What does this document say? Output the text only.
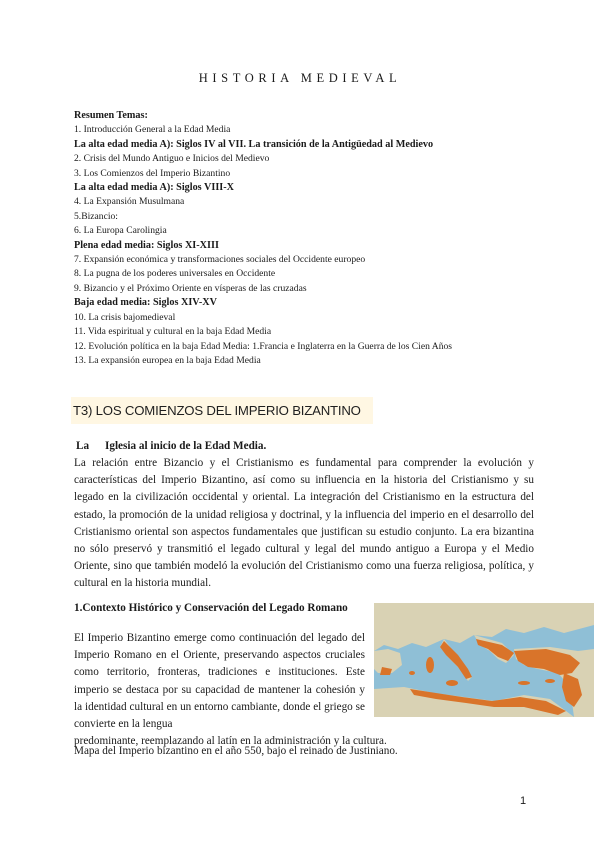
HISTORIA MEDIEVAL
Resumen Temas:
1. Introducción General a la Edad Media
La alta edad media A): Siglos IV al VII. La transición de la Antigüedad al Medievo
2. Crisis del Mundo Antiguo e Inicios del Medievo
3. Los Comienzos del Imperio Bizantino
La alta edad media A): Siglos VIII-X
4. La Expansión Musulmana
5.Bizancio:
6. La Europa Carolingia
Plena edad media: Siglos XI-XIII
7. Expansión económica y transformaciones sociales del Occidente europeo
8. La pugna de los poderes universales en Occidente
9. Bizancio y el Próximo Oriente en vísperas de las cruzadas
Baja edad media: Siglos XIV-XV
10. La crisis bajomedieval
11. Vida espiritual y cultural en la baja Edad Media
12. Evolución política en la baja Edad Media: 1.Francia e Inglaterra en la Guerra de los Cien Años
13. La expansión europea en la baja Edad Media
T3) LOS COMIENZOS DEL IMPERIO BIZANTINO
La Iglesia al inicio de la Edad Media.
La relación entre Bizancio y el Cristianismo es fundamental para comprender la evolución y características del Imperio Bizantino, así como su influencia en la historia del Cristianismo y su legado en la civilización occidental y oriental. La integración del Cristianismo en la estructura del estado, la promoción de la unidad religiosa y doctrinal, y la influencia del imperio en el desarrollo del Cristianismo oriental son aspectos fundamentales que justifican su estudio conjunto. La era bizantina no sólo preservó y transmitió el legado cultural y legal del mundo antiguo a Europa y el Medio Oriente, sino que también modeló la evolución del Cristianismo como una fuerza religiosa, política, y cultural en la historia mundial.
1.Contexto Histórico y Conservación del Legado Romano
El Imperio Bizantino emerge como continuación del legado del Imperio Romano en el Oriente, preservando aspectos cruciales como territorio, fronteras, tradiciones e instituciones. Este imperio se destaca por su capacidad de mantener la cohesión y la identidad cultural en un entorno cambiante, donde el griego se convierte en la lengua
predominante, reemplazando al latín en la administración y la cultura.
Mapa del Imperio bizantino en el año 550, bajo el reinado de Justiniano.
1
